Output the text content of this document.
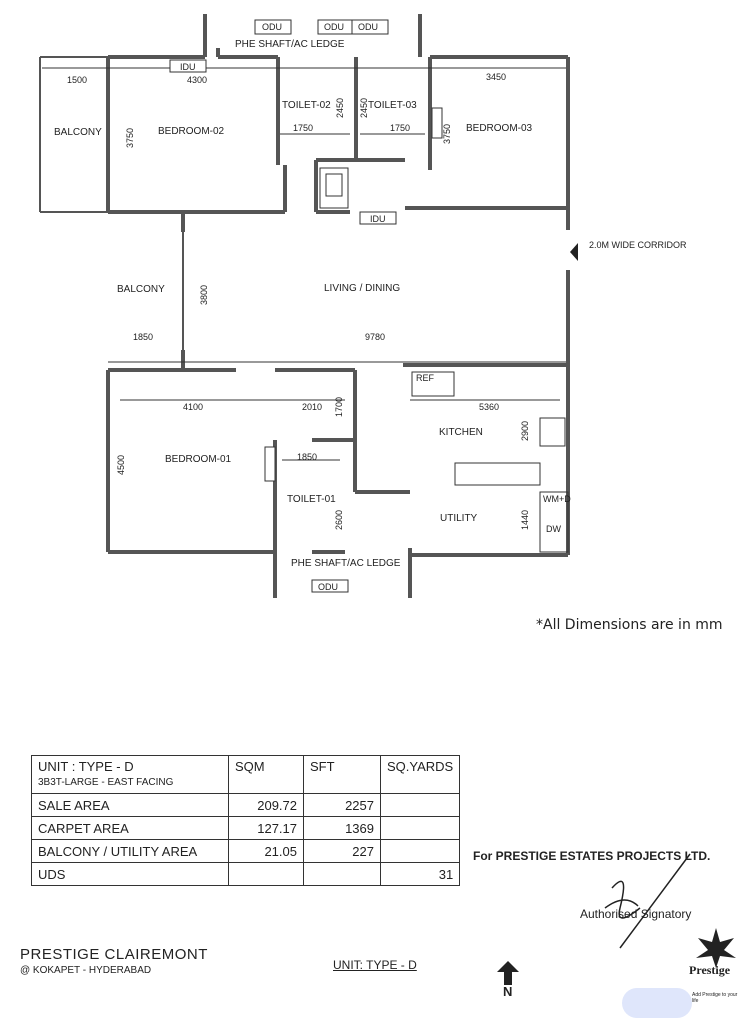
BALCONY	BEDROOM-02	BEDROOM-03
TOILET-02	TOILET-03
PHE SHAFT/AC LEDGE
BALCONY	LIVING / DINING
BEDROOM-01
TOILET-01
KITCHEN
UTILITY
PHE SHAFT/AC LEDGE
2.0M WIDE CORRIDOR
REF
WM+D
DW
ODU	ODU ODU
ODU
IDU
IDU
1500	4300	3450
1750	1750
3750
2450 2450
3750
3800
1850	9780
4100	2010 1700	5360
2900
4500	1850
2600	1440
*All Dimensions are in mm
UNIT : TYPE - D
3B3T-LARGE - EAST FACING	SQM	SFT	SQ.YARDS
SALE AREA	209.72	2257	
CARPET AREA	127.17	1369	
BALCONY / UTILITY AREA	21.05	227	
UDS			31
For PRESTIGE ESTATES PROJECTS LTD.
Authorised Signatory
PRESTIGE CLAIREMONT
@ KOKAPET - HYDERABAD	UNIT: TYPE - D
N
Prestige
Add Prestige to your life
